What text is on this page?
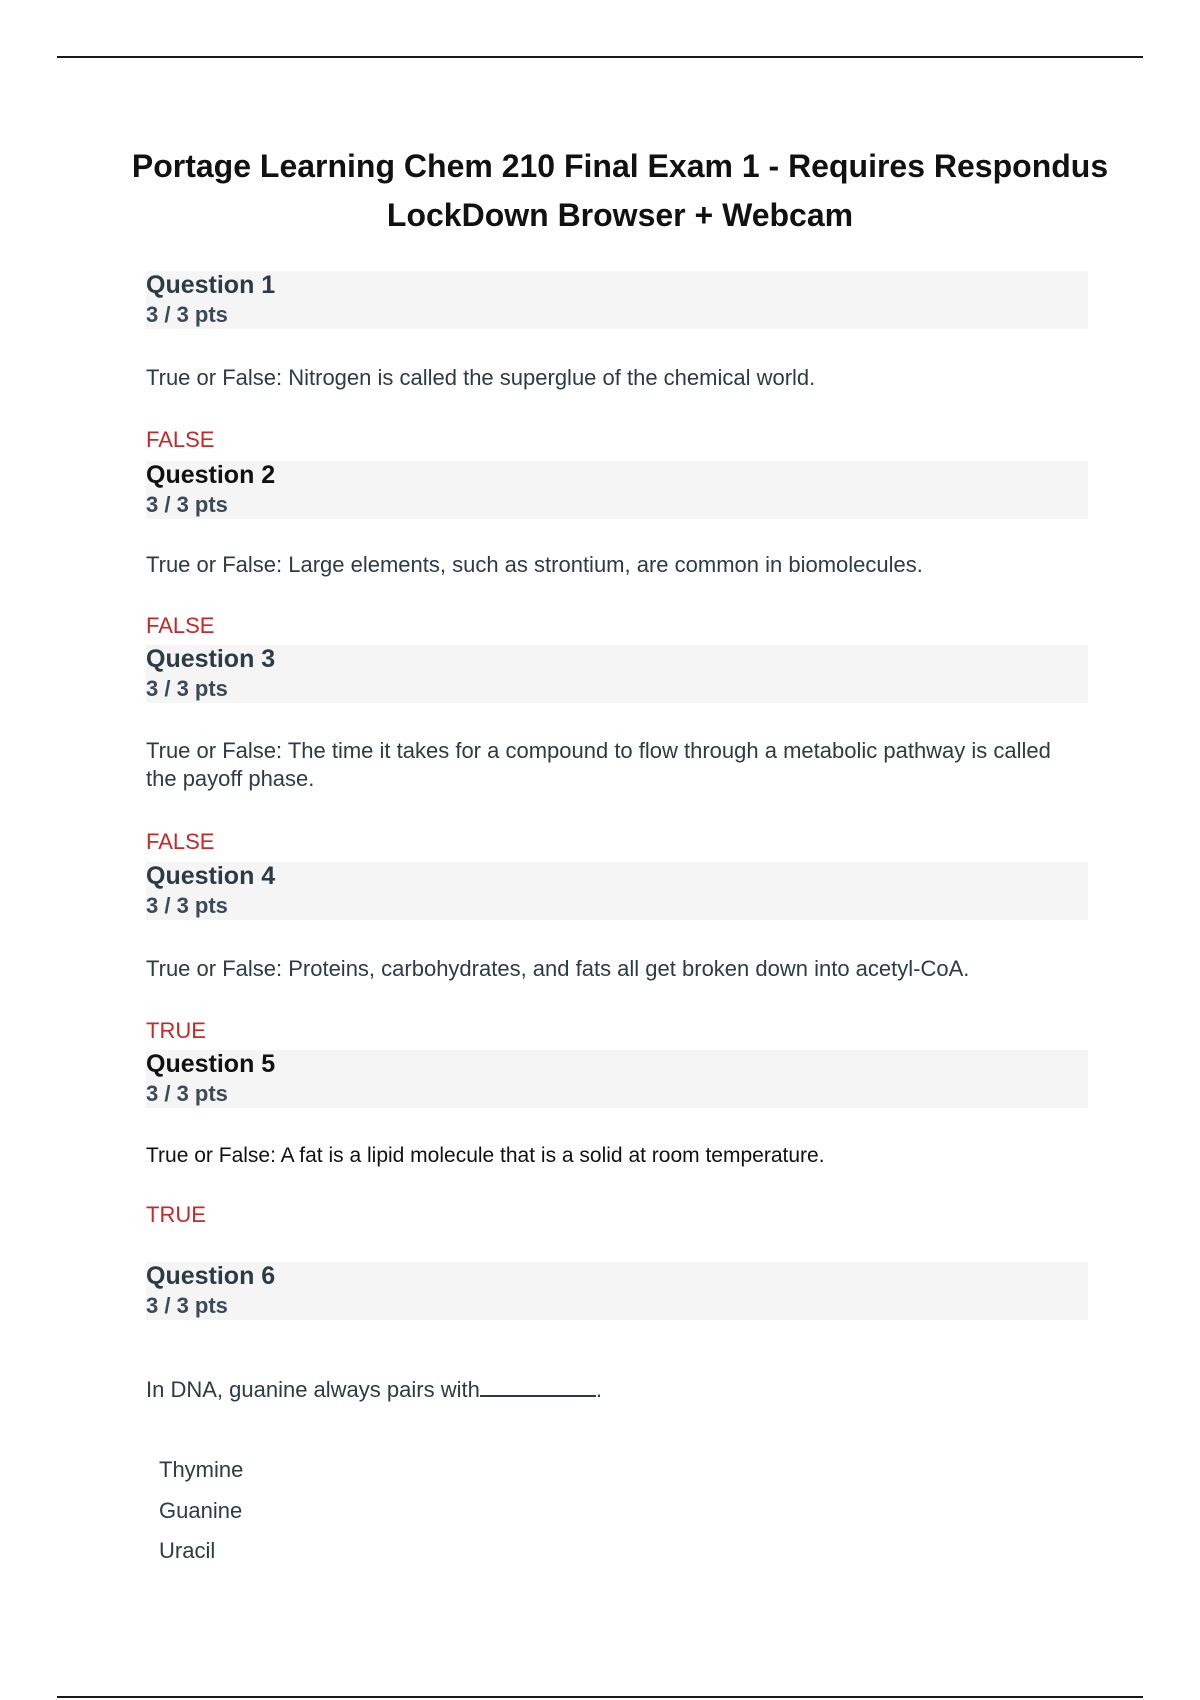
Portage Learning Chem 210 Final Exam 1 - Requires Respondus LockDown Browser + Webcam
Question 1
3 / 3 pts
True or False: Nitrogen is called the superglue of the chemical world.
FALSE
Question 2
3 / 3 pts
True or False: Large elements, such as strontium, are common in biomolecules.
FALSE
Question 3
3 / 3 pts
True or False: The time it takes for a compound to flow through a metabolic pathway is called the payoff phase.
FALSE
Question 4
3 / 3 pts
True or False: Proteins, carbohydrates, and fats all get broken down into acetyl-CoA.
TRUE
Question 5
3 / 3 pts
True or False: A fat is a lipid molecule that is a solid at room temperature.
TRUE
Question 6
3 / 3 pts
In DNA, guanine always pairs with	.
Thymine
Guanine
Uracil
